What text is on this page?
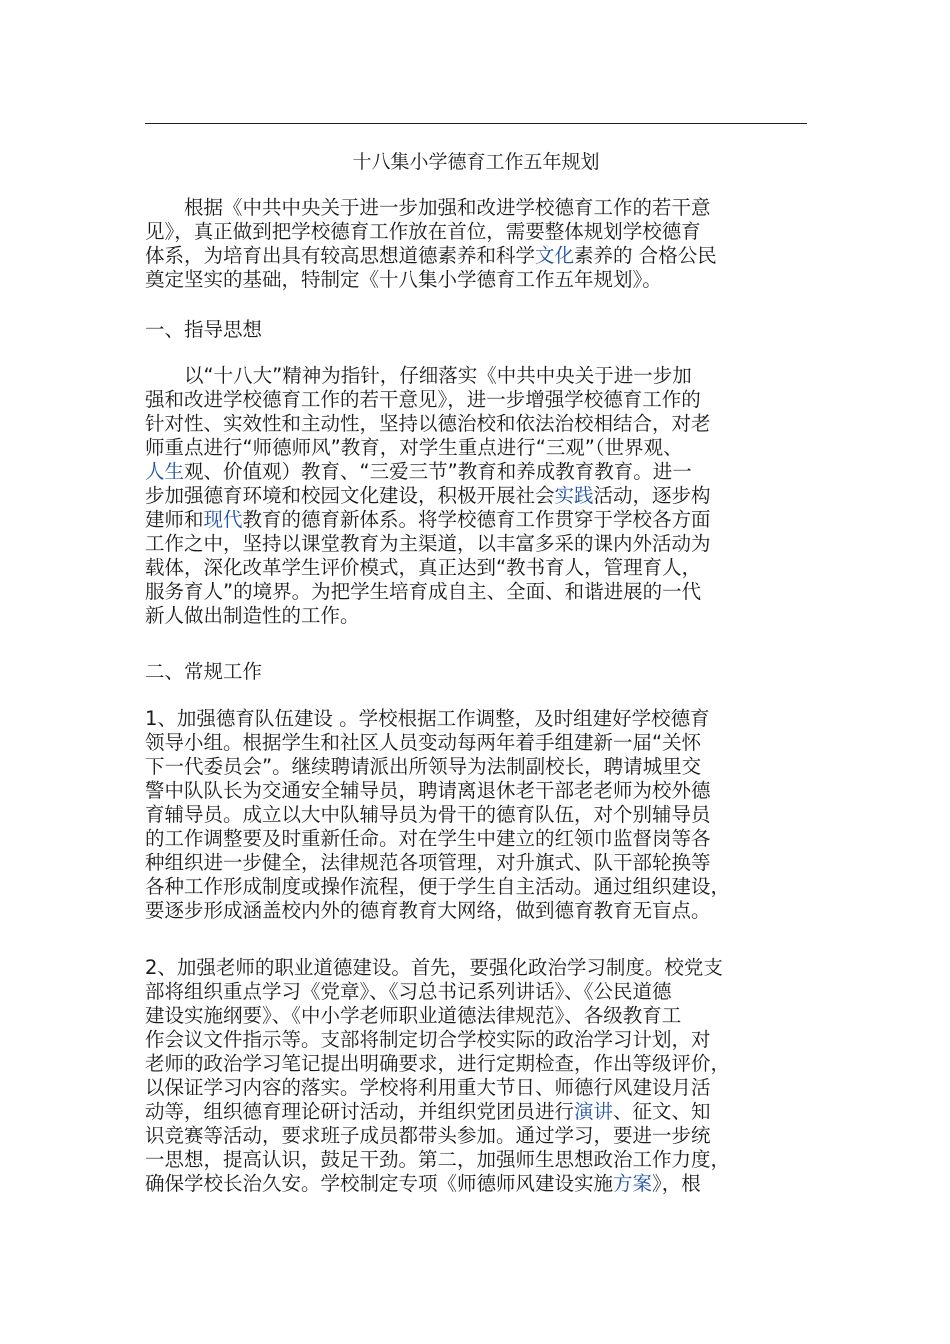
十八集小学德育工作五年规划
　　根据《中共中央关于进一步加强和改进学校德育工作的若干意
见》，真正做到把学校德育工作放在首位，需要整体规划学校德育
体系，为培育出具有较高思想道德素养和科学文化素养的 合格公民
奠定坚实的基础，特制定《十八集小学德育工作五年规划》。
一、指导思想
　　以“十八大”精神为指针，仔细落实《中共中央关于进一步加
强和改进学校德育工作的若干意见》，进一步增强学校德育工作的
针对性、实效性和主动性，坚持以德治校和依法治校相结合，对老
师重点进行“师德师风”教育，对学生重点进行“三观”（世界观、
人生观、价值观）教育、“三爱三节”教育和养成教育教育。进一
步加强德育环境和校园文化建设，积极开展社会实践活动，逐步构
建师和现代教育的德育新体系。将学校德育工作贯穿于学校各方面
工作之中，坚持以课堂教育为主渠道，以丰富多采的课内外活动为
载体，深化改革学生评价模式，真正达到“教书育人，管理育人，
服务育人”的境界。为把学生培育成自主、全面、和谐进展的一代
新人做出制造性的工作。
二、常规工作
1、加强德育队伍建设 。学校根据工作调整，及时组建好学校德育
领导小组。根据学生和社区人员变动每两年着手组建新一届“关怀
下一代委员会”。继续聘请派出所领导为法制副校长，聘请城里交
警中队队长为交通安全辅导员，聘请离退休老干部老老师为校外德
育辅导员。成立以大中队辅导员为骨干的德育队伍，对个别辅导员
的工作调整要及时重新任命。对在学生中建立的红领巾监督岗等各
种组织进一步健全，法律规范各项管理，对升旗式、队干部轮换等
各种工作形成制度或操作流程，便于学生自主活动。通过组织建设，
要逐步形成涵盖校内外的德育教育大网络，做到德育教育无盲点。
2、加强老师的职业道德建设。首先，要强化政治学习制度。校党支
部将组织重点学习《党章》、《习总书记系列讲话》、《公民道德
建设实施纲要》、《中小学老师职业道德法律规范》、各级教育工
作会议文件指示等。支部将制定切合学校实际的政治学习计划，对
老师的政治学习笔记提出明确要求，进行定期检查，作出等级评价，
以保证学习内容的落实。学校将利用重大节日、师德行风建设月活
动等，组织德育理论研讨活动，并组织党团员进行演讲、征文、知
识竞赛等活动，要求班子成员都带头参加。通过学习，要进一步统
一思想，提高认识，鼓足干劲。第二，加强师生思想政治工作力度，
确保学校长治久安。学校制定专项《师德师风建设实施方案》，根
